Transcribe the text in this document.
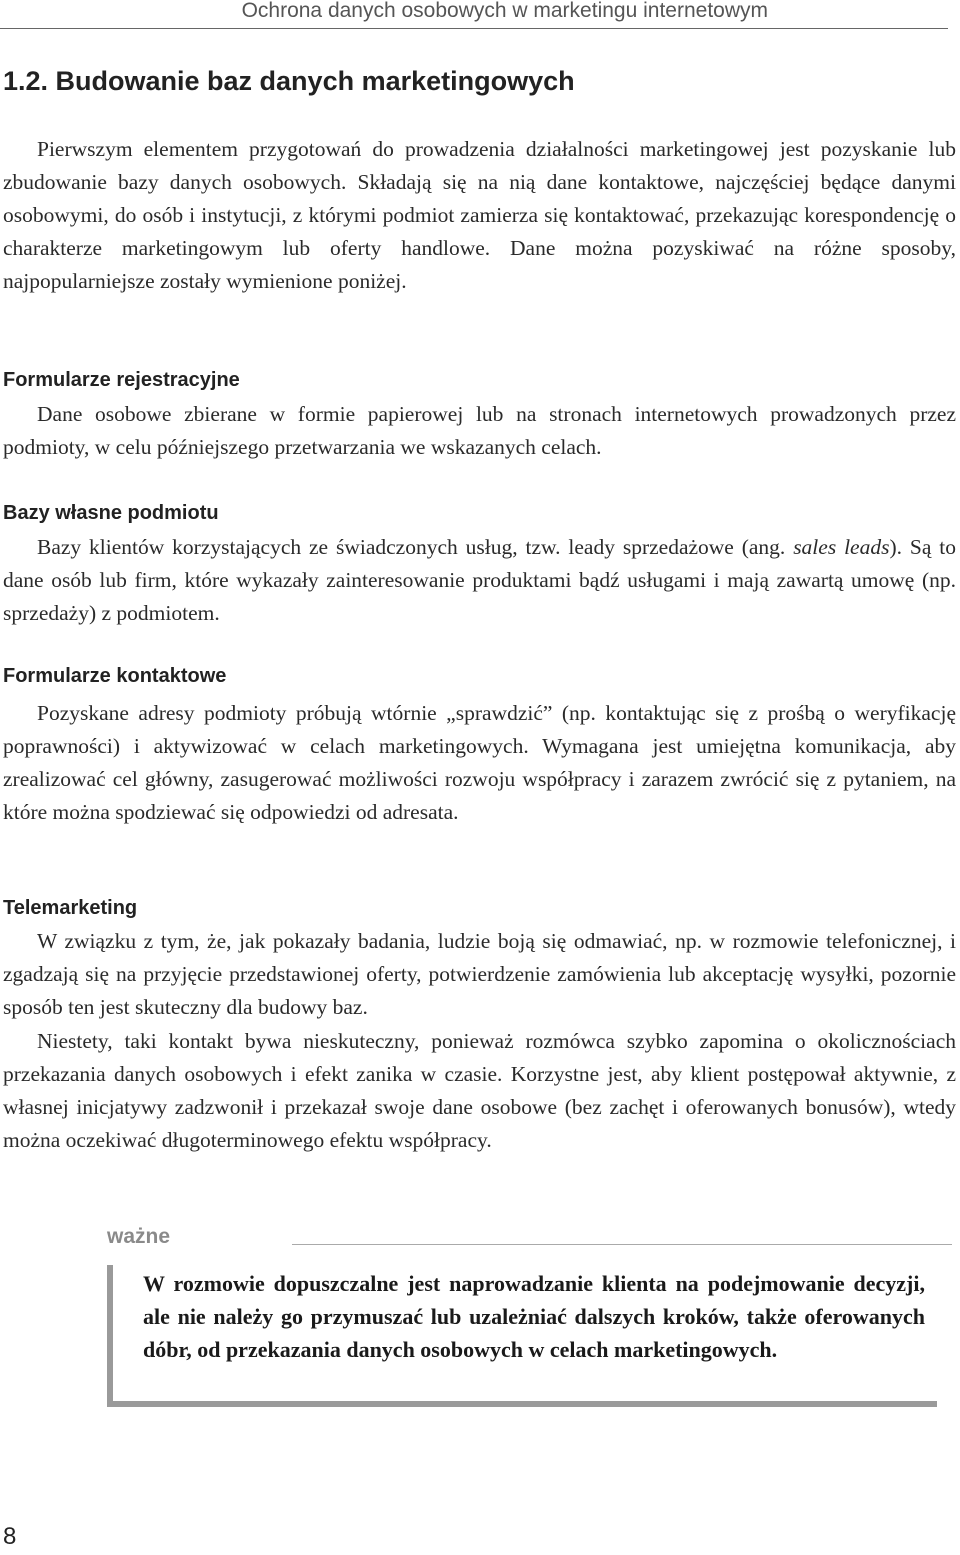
Ochrona danych osobowych w marketingu internetowym
1.2. Budowanie baz danych marketingowych

Pierwszym elementem przygotowań do prowadzenia działalności marketingowej jest pozyskanie lub zbudowanie bazy danych osobowych. Składają się na nią dane kontaktowe, najczęściej będące danymi osobowymi, do osób i instytucji, z którymi podmiot zamierza się kontaktować, przekazując korespondencję o charakterze marketingowym lub oferty handlowe. Dane można pozyskiwać na różne sposoby, najpopularniejsze zostały wymienione poniżej.

Formularze rejestracyjne

Dane osobowe zbierane w formie papierowej lub na stronach internetowych prowadzonych przez podmioty, w celu późniejszego przetwarzania we wskazanych celach.

Bazy własne podmiotu

Bazy klientów korzystających ze świadczonych usług, tzw. leady sprzedażowe (ang. sales leads). Są to dane osób lub firm, które wykazały zainteresowanie produktami bądź usługami i mają zawartą umowę (np. sprzedaży) z podmiotem.

Formularze kontaktowe

Pozyskane adresy podmioty próbują wtórnie „sprawdzić” (np. kontaktując się z prośbą o weryfikację poprawności) i aktywizować w celach marketingowych. Wymagana jest umiejętna komunikacja, aby zrealizować cel główny, zasugerować możliwości rozwoju współpracy i zarazem zwrócić się z pytaniem, na które można spodziewać się odpowiedzi od adresata.

Telemarketing

W związku z tym, że, jak pokazały badania, ludzie boją się odmawiać, np. w rozmowie telefonicznej, i zgadzają się na przyjęcie przedstawionej oferty, potwierdzenie zamówienia lub akceptację wysyłki, pozornie sposób ten jest skuteczny dla budowy baz.

Niestety, taki kontakt bywa nieskuteczny, ponieważ rozmówca szybko zapomina o okolicznościach przekazania danych osobowych i efekt zanika w czasie. Korzystne jest, aby klient postępował aktywnie, z własnej inicjatywy zadzwonił i przekazał swoje dane osobowe (bez zachęt i oferowanych bonusów), wtedy można oczekiwać długoterminowego efektu współpracy.

ważne

W rozmowie dopuszczalne jest naprowadzanie klienta na podejmowanie decyzji, ale nie należy go przymuszać lub uzależniać dalszych kroków, także oferowanych dóbr, od przekazania danych osobowych w celach marketingowych.

8
